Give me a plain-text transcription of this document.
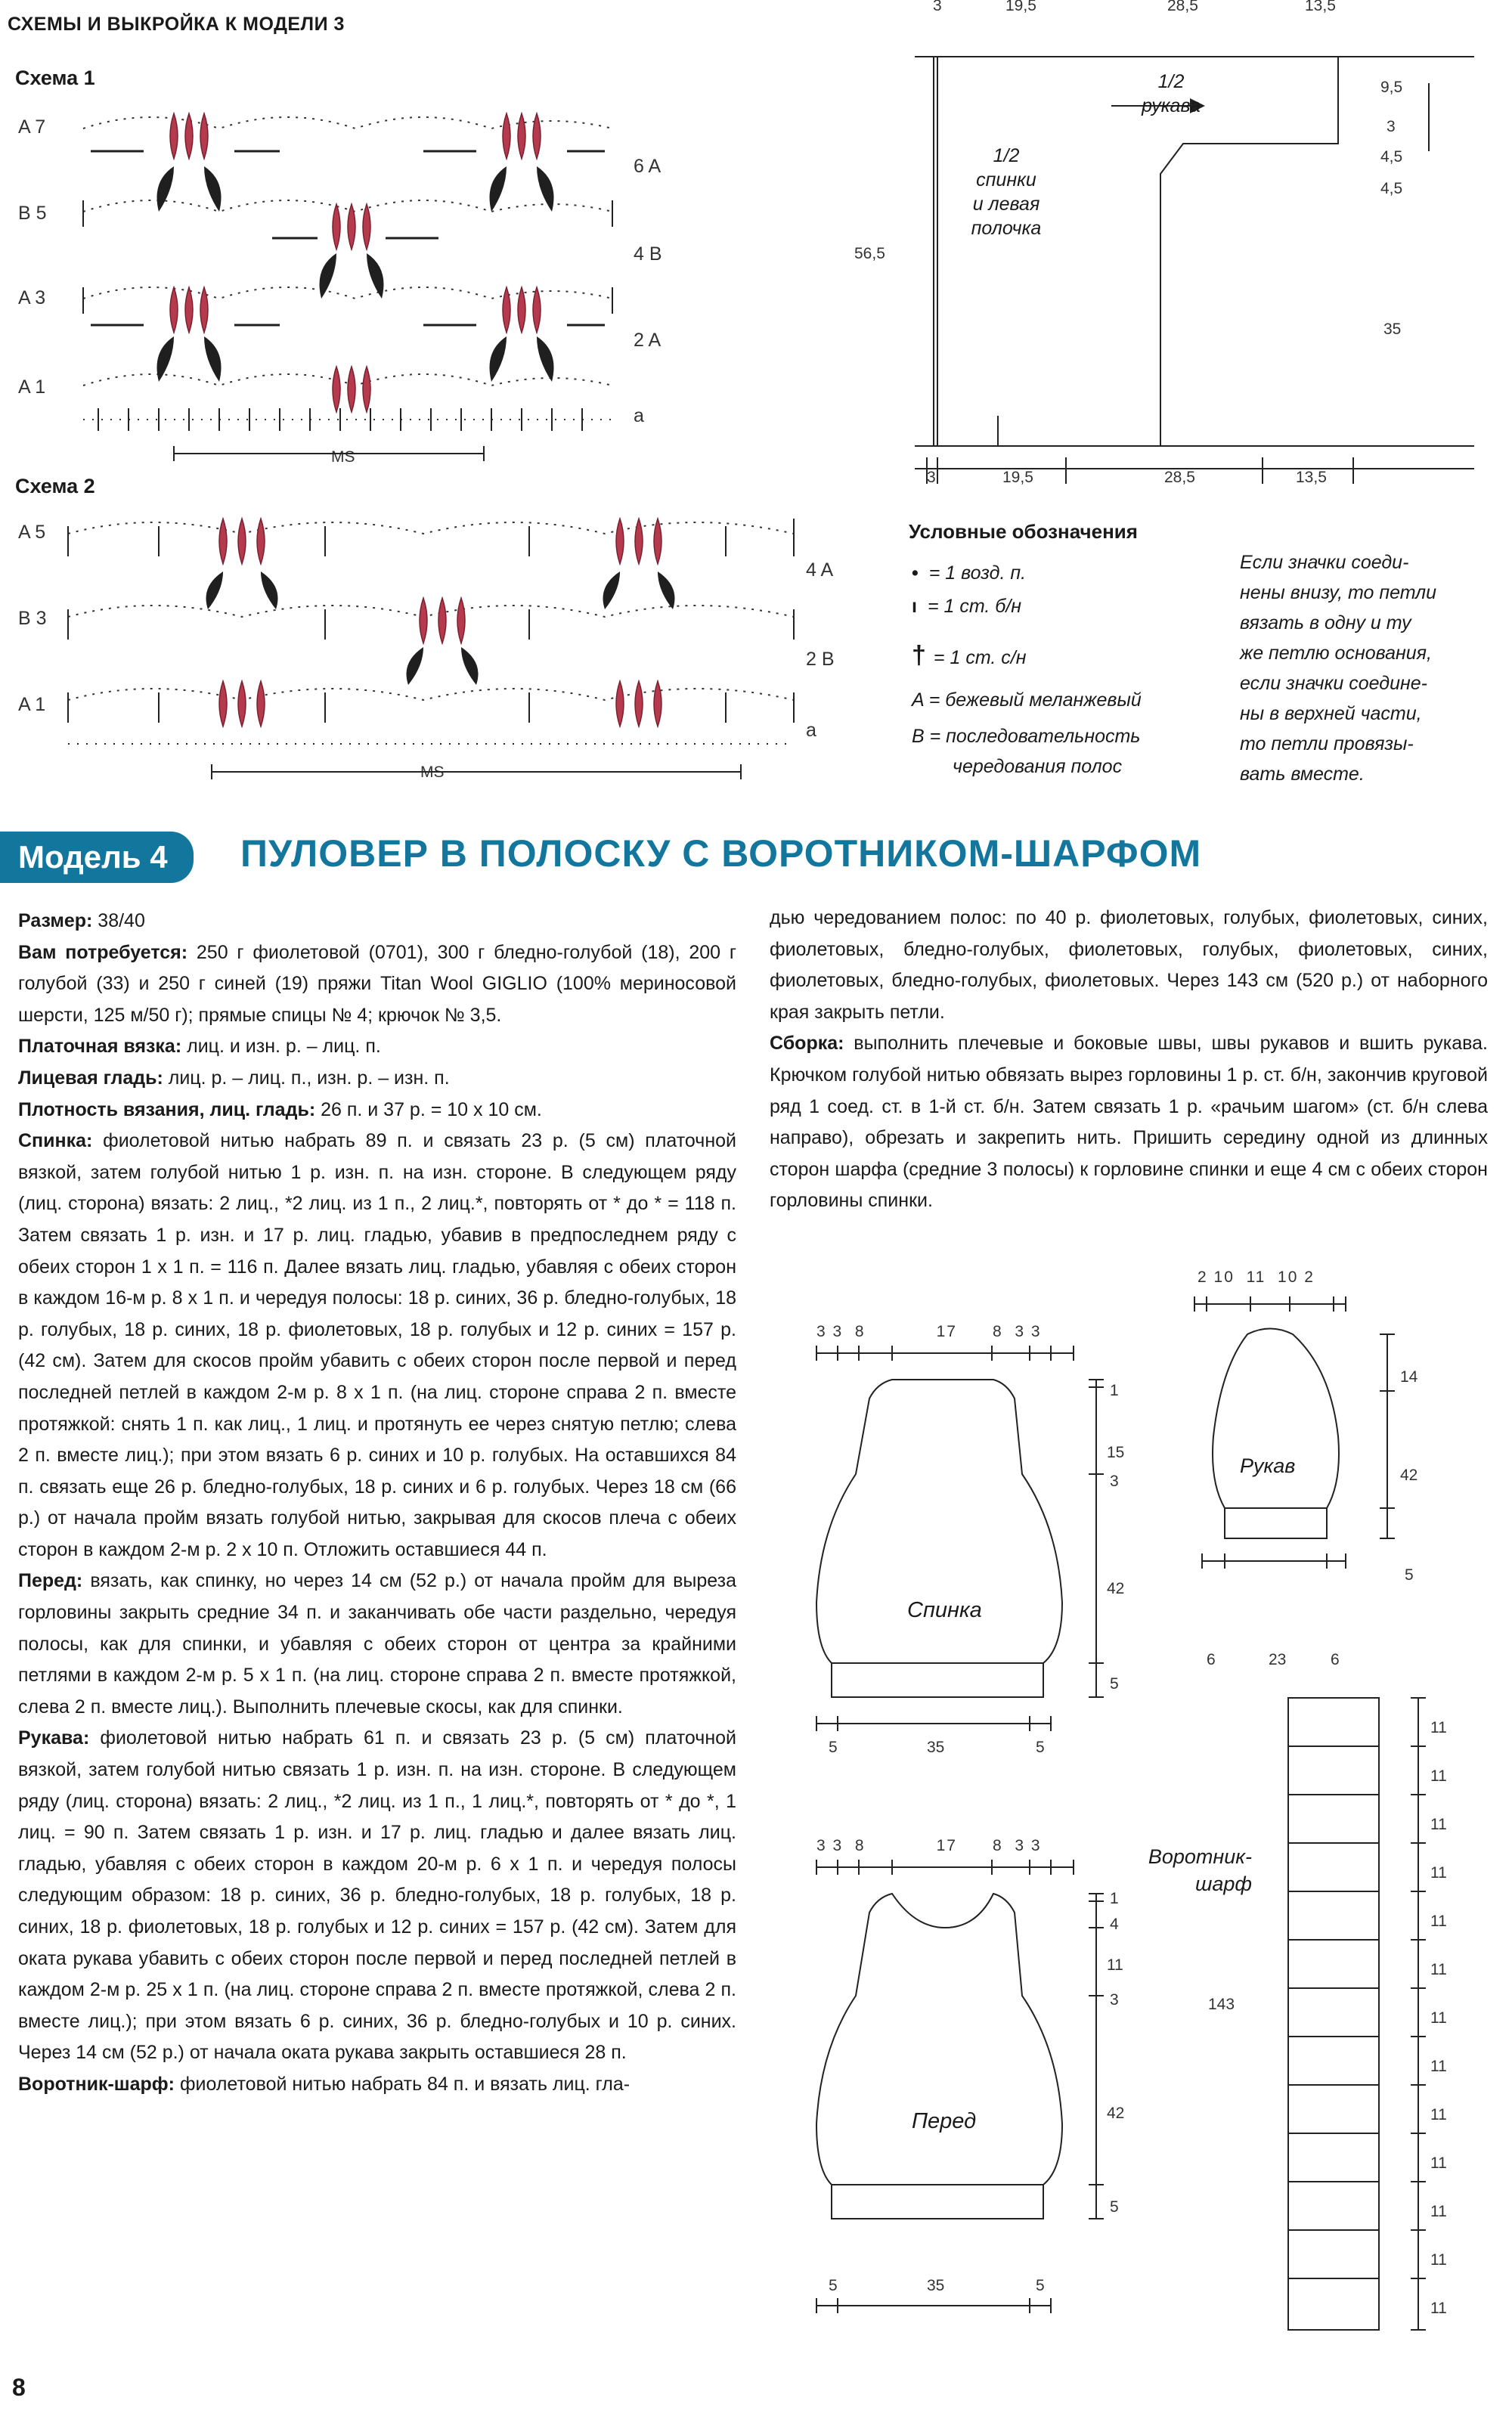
СХЕМЫ И ВЫКРОЙКА К МОДЕЛИ 3
Схема 1
A 7
B 5
A 3
A 1
6 A
4 B
2 A
a
MS
Схема 2
A 5
B 3
A 1
4 A
2 B
a
MS
3	19,5	28,5	13,5
3	19,5	28,5	13,5
56,5
9,5
3
4,5
4,5
35
1/2
спинки
и левая
полочка
1/2
рукава
Условные обозначения
• = 1 возд. п.
ı = 1 ст. б/н
† = 1 ст. с/н
A = бежевый меланжевый
B = последовательность
чередования полос
Если значки соеди-
нены внизу, то петли
вязать в одну и ту
же петлю основания,
если значки соедине-
ны в верхней части,
то петли провязы-
вать вместе.
Модель 4	ПУЛОВЕР В ПОЛОСКУ С ВОРОТНИКОМ-ШАРФОМ

Размер: 38/40

Вам потребуется: 250 г фиолетовой (0701), 300 г бледно-голубой (18), 200 г голубой (33) и 250 г синей (19) пряжи Titan Wool GIGLIO (100% мериносовой шерсти, 125 м/50 г); прямые спицы № 4; крючок № 3,5.

Платочная вязка: лиц. и изн. р. – лиц. п.

Лицевая гладь: лиц. р. – лиц. п., изн. р. – изн. п.

Плотность вязания, лиц. гладь: 26 п. и 37 р. = 10 х 10 см.

Спинка: фиолетовой нитью набрать 89 п. и связать 23 р. (5 см) платочной вязкой, затем голубой нитью 1 р. изн. п. на изн. стороне. В следующем ряду (лиц. сторона) вязать: 2 лиц., *2 лиц. из 1 п., 2 лиц.*, повторять от * до * = 118 п. Затем связать 1 р. изн. и 17 р. лиц. гладью, убавив в предпоследнем ряду с обеих сторон 1 х 1 п. = 116 п. Далее вязать лиц. гладью, убавляя с обеих сторон в каждом 16-м р. 8 х 1 п. и чередуя полосы: 18 р. синих, 36 р. бледно-голубых, 18 р. голубых, 18 р. синих, 18 р. фиолетовых, 18 р. голубых и 12 р. синих = 157 р. (42 см). Затем для скосов пройм убавить с обеих сторон после первой и перед последней петлей в каждом 2-м р. 8 х 1 п. (на лиц. стороне справа 2 п. вместе протяжкой: снять 1 п. как лиц., 1 лиц. и протянуть ее через снятую петлю; слева 2 п. вместе лиц.); при этом вязать 6 р. синих и 10 р. голубых. На оставшихся 84 п. связать еще 26 р. бледно-голубых, 18 р. синих и 6 р. голубых. Через 18 см (66 р.) от начала пройм вязать голубой нитью, закрывая для скосов плеча с обеих сторон в каждом 2-м р. 2 х 10 п. Отложить оставшиеся 44 п.

Перед: вязать, как спинку, но через 14 см (52 р.) от начала пройм для выреза горловины закрыть средние 34 п. и заканчивать обе части раздельно, чередуя полосы, как для спинки, и убавляя с обеих сторон от центра за крайними петлями в каждом 2-м р. 5 х 1 п. (на лиц. стороне справа 2 п. вместе протяжкой, слева 2 п. вместе лиц.). Выполнить плечевые скосы, как для спинки.

Рукава: фиолетовой нитью набрать 61 п. и связать 23 р. (5 см) платочной вязкой, затем голубой нитью связать 1 р. изн. п. на изн. стороне. В следующем ряду (лиц. сторона) вязать: 2 лиц., *2 лиц. из 1 п., 1 лиц.*, повторять от * до *, 1 лиц. = 90 п. Затем связать 1 р. изн. и 17 р. лиц. гладью и далее вязать лиц. гладью, убавляя с обеих сторон в каждом 20-м р. 6 х 1 п. и чередуя полосы следующим образом: 18 р. синих, 36 р. бледно-голубых, 18 р. голубых, 18 р. синих, 18 р. фиолетовых, 18 р. голубых и 12 р. синих = 157 р. (42 см). Затем для оката рукава убавить с обеих сторон после первой и перед последней петлей в каждом 2-м р. 25 х 1 п. (на лиц. стороне справа 2 п. вместе протяжкой, слева 2 п. вместе лиц.); при этом вязать 6 р. синих, 36 р. бледно-голубых и 10 р. синих. Через 14 см (52 р.) от начала оката рукава закрыть оставшиеся 28 п.

Воротник-шарф: фиолетовой нитью набрать 84 п. и вязать лиц. гла-

дью чередованием полос: по 40 р. фиолетовых, голубых, фиолетовых, синих, фиолетовых, бледно-голубых, фиолетовых, голубых, фиолетовых, синих, фиолетовых, бледно-голубых, фиолетовых. Через 143 см (520 р.) от наборного края закрыть петли.

Сборка: выполнить плечевые и боковые швы, швы рукавов и вшить рукава. Крючком голубой нитью обвязать вырез горловины 1 р. ст. б/н, закончив круговой ряд 1 соед. ст. в 1-й ст. б/н. Затем связать 1 р. «рачьим шагом» (ст. б/н слева направо), обрезать и закрепить нить. Пришить середину одной из длинных сторон шарфа (средние 3 полосы) к горловине спинки и еще 4 см с обеих сторон горловины спинки.

3 3 8	17 8 3 3
Спинка
1
15
3
42
5
5	35	5
3 3 8	17 8 3 3
Перед
1
4
11
3
42
5
5	35	5
2 10 11 10 2
Рукав
14
42
5
6	23	6
Воротник-
шарф
143
11
11
11
11
11
11
11
11
11
11
11
11
11
8
